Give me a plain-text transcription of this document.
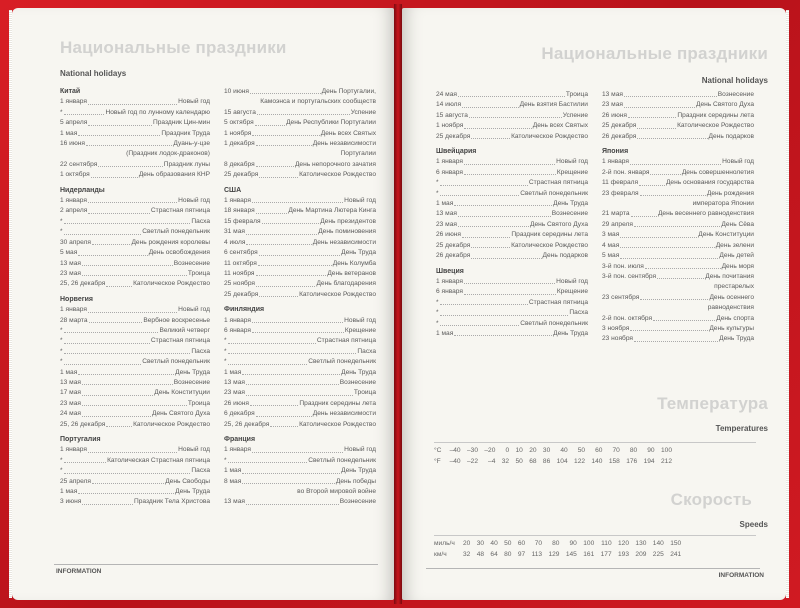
Национальные праздники
National holidays
Китай
1 января	Новый год
*	Новый год по лунному календарю
5 апреля	Праздник Цин-мин
1 мая	Праздник Труда
16 июня	Дуань-у-цзе
(Праздник лодок-драконов)
22 сентября	Праздник луны
1 октября	День образования КНР
Нидерланды
1 января	Новый год
2 апреля	Страстная пятница
*	Пасха
*	Светлый понедельник
30 апреля	День рождения королевы
5 мая	День освобождения
13 мая	Вознесение
23 мая	Троица
25, 26 декабря	Католическое Рождество
Норвегия
1 января	Новый год
28 марта	Вербное воскресенье
*	Великий четверг
*	Страстная пятница
*	Пасха
*	Светлый понедельник
1 мая	День Труда
13 мая	Вознесение
17 мая	День Конституции
23 мая	Троица
24 мая	День Святого Духа
25, 26 декабря	Католическое Рождество
Португалия
1 января	Новый год
*	Католическая Страстная пятница
*	Пасха
25 апреля	День Свободы
1 мая	День Труда
3 июня	Праздник Тела Христова
10 июня	День Португалии,
Камоэнса и португальских сообществ
15 августа	Успение
5 октября	День Республики Португалии
1 ноября	День всех Святых
1 декабря	День независимости
Португалии
8 декабря	День непорочного зачатия
25 декабря	Католическое Рождество
США
1 января	Новый год
18 января	День Мартина Лютера Кинга
15 февраля	День президентов
31 мая	День поминовения
4 июля	День независимости
6 сентября	День Труда
11 октября	День Колумба
11 ноября	День ветеранов
25 ноября	День благодарения
25 декабря	Католическое Рождество
Финляндия
1 января	Новый год
6 января	Крещение
*	Страстная пятница
*	Пасха
*	Светлый понедельник
1 мая	День Труда
13 мая	Вознесение
23 мая	Троица
26 июня	Праздник середины лета
6 декабря	День независимости
25, 26 декабря	Католическое Рождество
Франция
1 января	Новый год
*	Светлый понедельник
1 мая	День Труда
8 мая	День победы
во Второй мировой войне
13 мая	Вознесение
INFORMATION
Национальные праздники
National holidays
24 мая	Троица
14 июля	День взятия Бастилии
15 августа	Успение
1 ноября	День всех Святых
25 декабря	Католическое Рождество
Швейцария
1 января	Новый год
6 января	Крещение
*	Страстная пятница
*	Светлый понедельник
1 мая	День Труда
13 мая	Вознесение
23 мая	День Святого Духа
26 июня	Праздник середины лета
25 декабря	Католическое Рождество
26 декабря	День подарков
Швеция
1 января	Новый год
6 января	Крещение
*	Страстная пятница
*	Пасха
*	Светлый понедельник
1 мая	День Труда
13 мая	Вознесение
23 мая	День Святого Духа
26 июня	Праздник середины лета
25 декабря	Католическое Рождество
26 декабря	День подарков
Япония
1 января	Новый год
2-й пон. января	День совершеннолетия
11 февраля	День основания государства
23 февраля	День рождения
императора Японии
21 марта	День весеннего равноденствия
29 апреля	День Сёва
3 мая	День Конституции
4 мая	День зелени
5 мая	День детей
3-й пон. июля	День моря
3-й пон. сентября	День почитания
престарелых
23 сентября	День осеннего
равноденствия
2-й пон. октября	День спорта
3 ноября	День культуры
23 ноября	День Труда
Температура
Temperatures
°C	–40	–30	–20	0	10	20	30	40	50	60	70	80	90	100
°F	–40	–22	–4	32	50	68	86	104	122	140	158	176	194	212
Скорость
Speeds
миль/ч	20	30	40	50	60	70	80	90	100	110	120	130	140	150
км/ч	32	48	64	80	97	113	129	145	161	177	193	209	225	241
INFORMATION
